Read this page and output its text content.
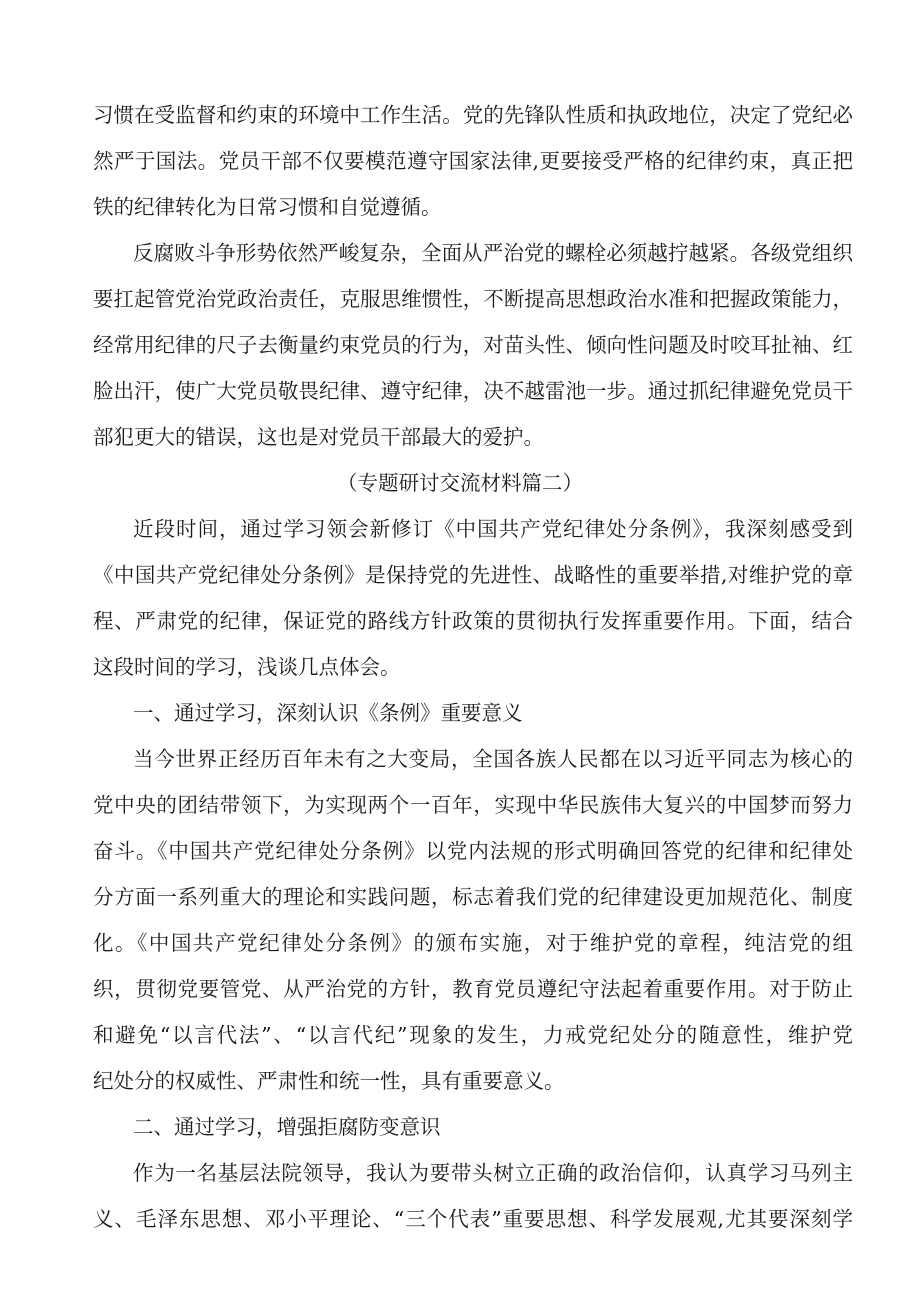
习惯在受监督和约束的环境中工作生活。党的先锋队性质和执政地位，决定了党纪必
然严于国法。党员干部不仅要模范遵守国家法律,更要接受严格的纪律约束，真正把
铁的纪律转化为日常习惯和自觉遵循。
反腐败斗争形势依然严峻复杂，全面从严治党的螺栓必须越拧越紧。各级党组织
要扛起管党治党政治责任，克服思维惯性，不断提高思想政治水准和把握政策能力，
经常用纪律的尺子去衡量约束党员的行为，对苗头性、倾向性问题及时咬耳扯袖、红
脸出汗，使广大党员敬畏纪律、遵守纪律，决不越雷池一步。通过抓纪律避免党员干
部犯更大的错误，这也是对党员干部最大的爱护。
（专题研讨交流材料篇二）
近段时间，通过学习领会新修订《中国共产党纪律处分条例》，我深刻感受到
《中国共产党纪律处分条例》是保持党的先进性、战略性的重要举措,对维护党的章
程、严肃党的纪律，保证党的路线方针政策的贯彻执行发挥重要作用。下面，结合
这段时间的学习，浅谈几点体会。
一、通过学习，深刻认识《条例》重要意义
当今世界正经历百年未有之大变局，全国各族人民都在以习近平同志为核心的
党中央的团结带领下，为实现两个一百年，实现中华民族伟大复兴的中国梦而努力
奋斗。《中国共产党纪律处分条例》以党内法规的形式明确回答党的纪律和纪律处
分方面一系列重大的理论和实践问题，标志着我们党的纪律建设更加规范化、制度
化。《中国共产党纪律处分条例》的颁布实施，对于维护党的章程，纯洁党的组
织，贯彻党要管党、从严治党的方针，教育党员遵纪守法起着重要作用。对于防止
和避免“以言代法”、“以言代纪”现象的发生，力戒党纪处分的随意性，维护党
纪处分的权威性、严肃性和统一性，具有重要意义。
二、通过学习，增强拒腐防变意识
作为一名基层法院领导，我认为要带头树立正确的政治信仰，认真学习马列主
义、毛泽东思想、邓小平理论、“三个代表”重要思想、科学发展观,尤其要深刻学
